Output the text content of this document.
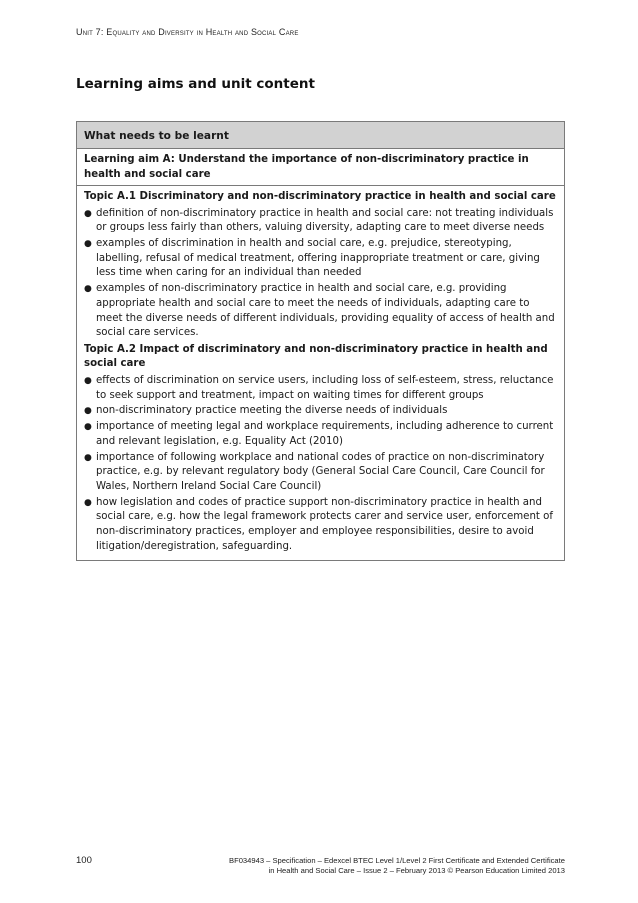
Unit 7: Equality and Diversity in Health and Social Care
Learning aims and unit content
What needs to be learnt
Learning aim A: Understand the importance of non-discriminatory practice in health and social care
Topic A.1 Discriminatory and non-discriminatory practice in health and social care
● definition of non-discriminatory practice in health and social care: not treating individuals or groups less fairly than others, valuing diversity, adapting care to meet diverse needs
● examples of discrimination in health and social care, e.g. prejudice, stereotyping, labelling, refusal of medical treatment, offering inappropriate treatment or care, giving less time when caring for an individual than needed
● examples of non-discriminatory practice in health and social care, e.g. providing appropriate health and social care to meet the needs of individuals, adapting care to meet the diverse needs of different individuals, providing equality of access of health and social care services.
Topic A.2 Impact of discriminatory and non-discriminatory practice in health and social care
● effects of discrimination on service users, including loss of self-esteem, stress, reluctance to seek support and treatment, impact on waiting times for different groups
● non-discriminatory practice meeting the diverse needs of individuals
● importance of meeting legal and workplace requirements, including adherence to current and relevant legislation, e.g. Equality Act (2010)
● importance of following workplace and national codes of practice on non-discriminatory practice, e.g. by relevant regulatory body (General Social Care Council, Care Council for Wales, Northern Ireland Social Care Council)
● how legislation and codes of practice support non-discriminatory practice in health and social care, e.g. how the legal framework protects carer and service user, enforcement of non-discriminatory practices, employer and employee responsibilities, desire to avoid litigation/deregistration, safeguarding.
100	BF034943 – Specification – Edexcel BTEC Level 1/Level 2 First Certificate and Extended Certificate

in Health and Social Care – Issue 2 – February 2013 © Pearson Education Limited 2013
